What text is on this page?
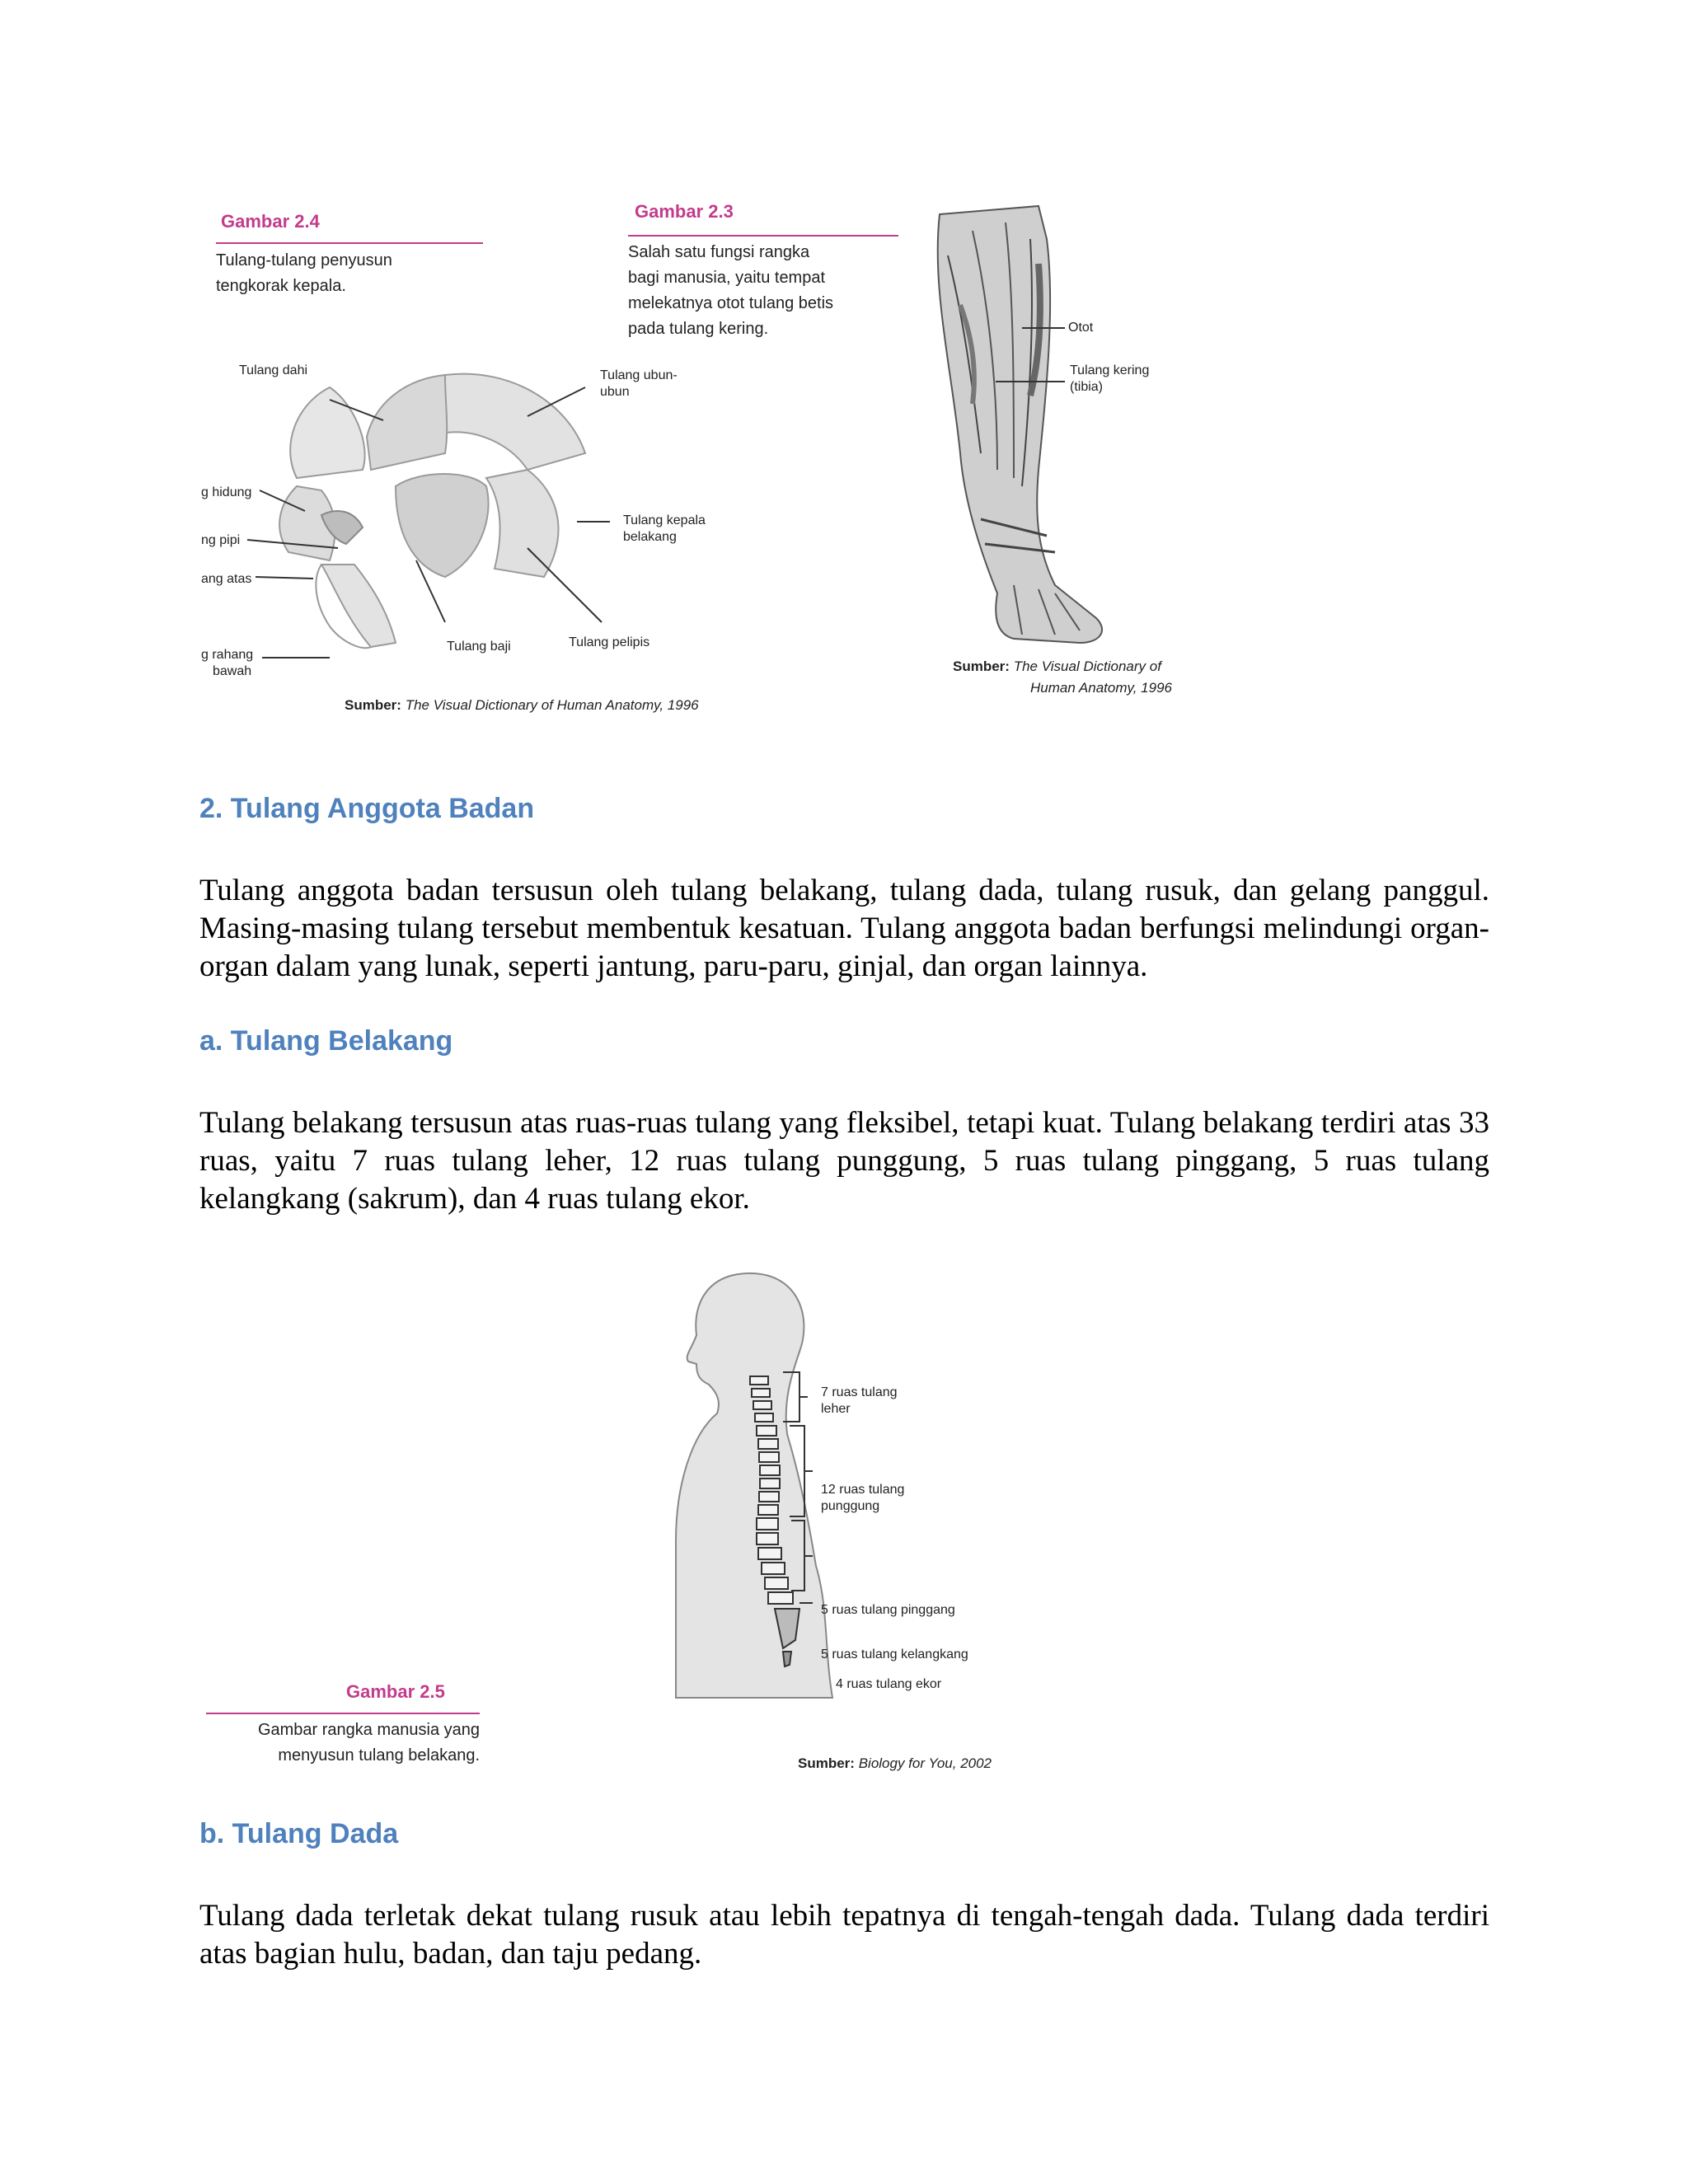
Gambar 2.4
Tulang-tulang penyusun
tengkorak kepala.
Tulang dahi	Tulang ubun-
ubun
g hidung
ng pipi
ang atas
g rahang
bawah
Tulang baji	Tulang pelipis
Tulang kepala
belakang
Sumber: The Visual Dictionary of Human Anatomy, 1996
Gambar 2.3
Salah satu fungsi rangka
bagi manusia, yaitu tempat
melekatnya otot tulang betis
pada tulang kering.	Otot
Tulang kering
(tibia)
Sumber: The Visual Dictionary of
Human Anatomy, 1996
2. Tulang Anggota Badan
Tulang anggota badan tersusun oleh tulang belakang, tulang dada, tulang rusuk, dan gelang panggul. Masing-masing tulang tersebut membentuk kesatuan. Tulang anggota badan berfungsi melindungi organ-organ dalam yang lunak, seperti jantung, paru-paru, ginjal, dan organ lainnya.
a. Tulang Belakang
Tulang belakang tersusun atas ruas-ruas tulang yang fleksibel, tetapi kuat. Tulang belakang terdiri atas 33 ruas, yaitu 7 ruas tulang leher, 12 ruas tulang punggung, 5 ruas tulang pinggang, 5 ruas tulang kelangkang (sakrum), dan 4 ruas tulang ekor.
7 ruas tulang
leher
12 ruas tulang
punggung
5 ruas tulang pinggang
5 ruas tulang kelangkang
4 ruas tulang ekor
Gambar 2.5
Gambar rangka manusia yang
menyusun tulang belakang.	Sumber: Biology for You, 2002
b. Tulang Dada
Tulang dada terletak dekat tulang rusuk atau lebih tepatnya di tengah-tengah dada. Tulang dada terdiri atas bagian hulu, badan, dan taju pedang.
